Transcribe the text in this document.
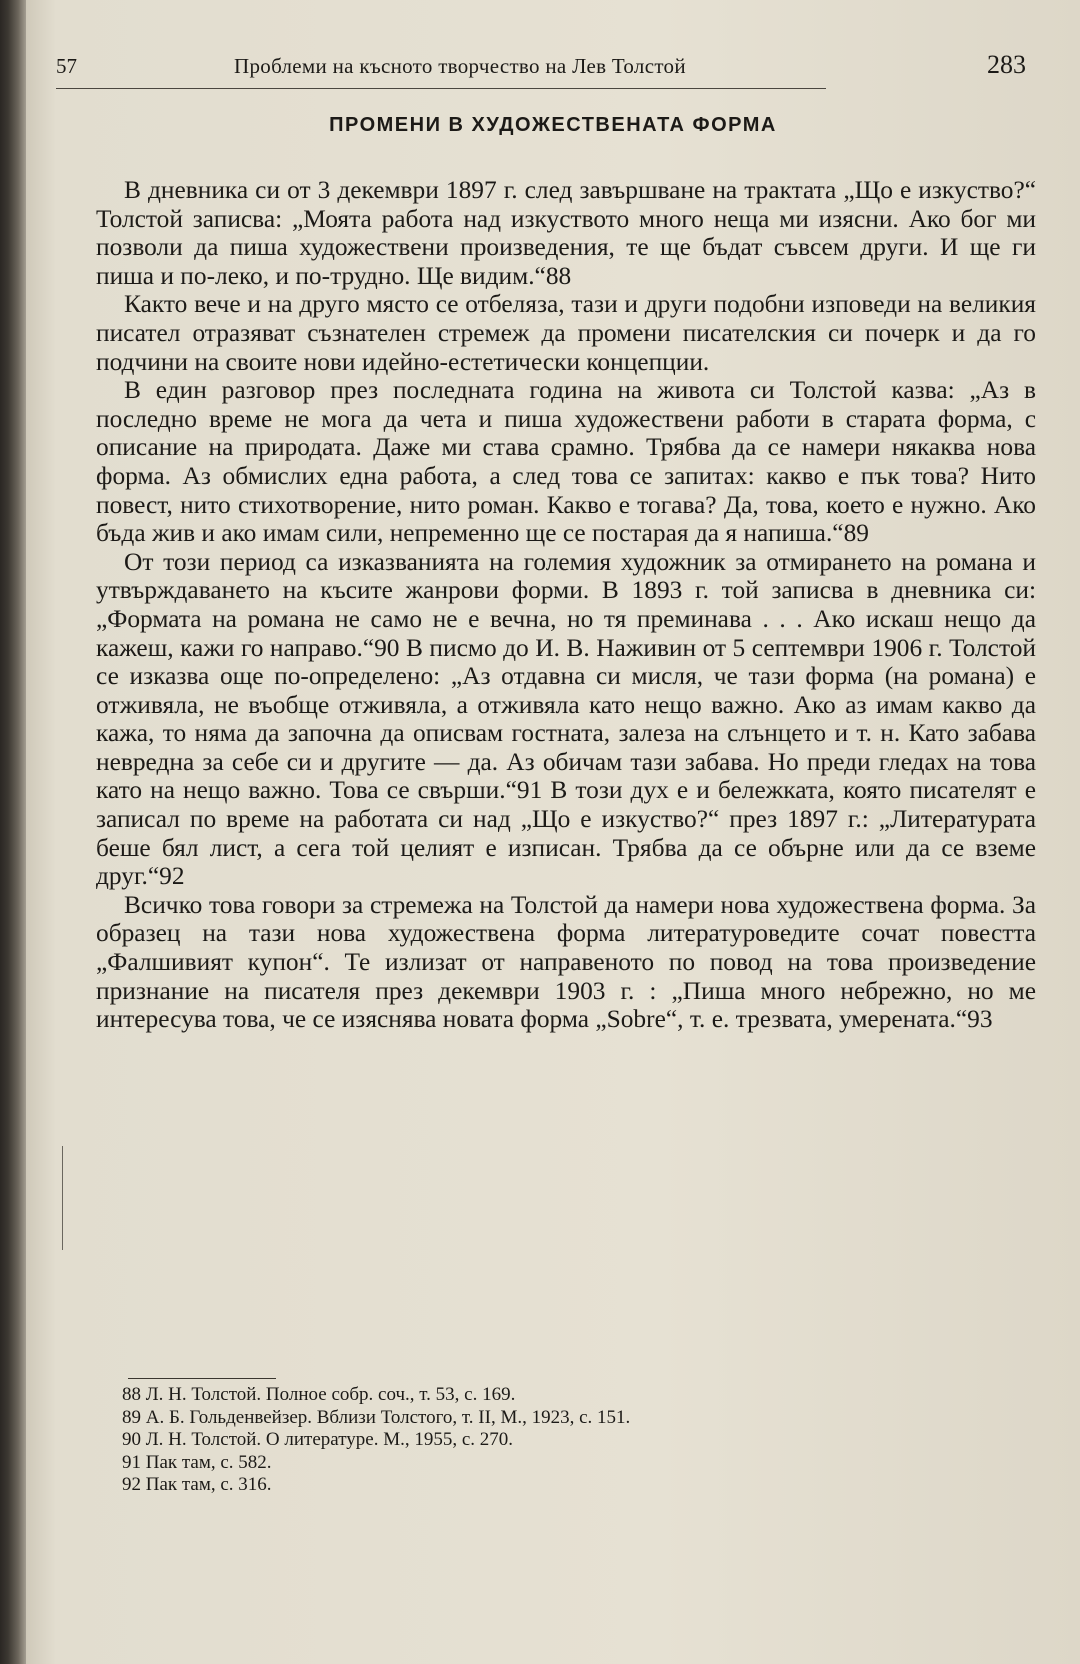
57	Проблеми на късното творчество на Лев Толстой	283
ПРОМЕНИ В ХУДОЖЕСТВЕНАТА ФОРМА

В дневника си от 3 декември 1897 г. след завършване на трактата „Що е изкуство?“ Толстой записва: „Моята работа над изкуството много неща ми изясни. Ако бог ми позволи да пиша художествени произведения, те ще бъдат съвсем други. И ще ги пиша и по-леко, и по-трудно. Ще видим.“88

Както вече и на друго място се отбеляза, тази и други подобни изповеди на великия писател отразяват съзнателен стремеж да промени писателския си почерк и да го подчини на своите нови идейно-естетически концепции.

В един разговор през последната година на живота си Толстой казва: „Аз в последно време не мога да чета и пиша художествени работи в старата форма, с описание на природата. Даже ми става срамно. Трябва да се намери някаква нова форма. Аз обмислих една работа, а след това се запитах: какво е пък това? Нито повест, нито стихотворение, нито роман. Какво е тогава? Да, това, което е нужно. Ако бъда жив и ако имам сили, непременно ще се постарая да я напиша.“89

От този период са изказванията на големия художник за отмирането на романа и утвърждаването на късите жанрови форми. В 1893 г. той записва в дневника си: „Формата на романа не само не е вечна, но тя преминава . . . Ако искаш нещо да кажеш, кажи го направо.“90 В писмо до И. В. Наживин от 5 септември 1906 г. Толстой се изказва още по-определено: „Аз отдавна си мисля, че тази форма (на романа) е отживяла, не въобще отживяла, а отживяла като нещо важно. Ако аз имам какво да кажа, то няма да започна да описвам гостната, залеза на слънцето и т. н. Като забава невредна за себе си и другите — да. Аз обичам тази забава. Но преди гледах на това като на нещо важно. Това се свърши.“91 В този дух е и бележката, която писателят е записал по време на работата си над „Що е изкуство?“ през 1897 г.: „Литературата беше бял лист, а сега той целият е изписан. Трябва да се обърне или да се вземе друг.“92

Всичко това говори за стремежа на Толстой да намери нова художествена форма. За образец на тази нова художествена форма литературоведите сочат повестта „Фалшивият купон“. Те излизат от направеното по повод на това произведение признание на писателя през декември 1903 г. : „Пиша много небрежно, но ме интересува това, че се изяснява новата форма „Sobre“, т. е. трезвата, умерената.“93

88 Л. Н. Толстой. Полное собр. соч., т. 53, с. 169.
89 А. Б. Гольденвейзер. Вблизи Толстого, т. II, М., 1923, с. 151.
90 Л. Н. Толстой. О литературе. М., 1955, с. 270.
91 Пак там, с. 582.
92 Пак там, с. 316.
